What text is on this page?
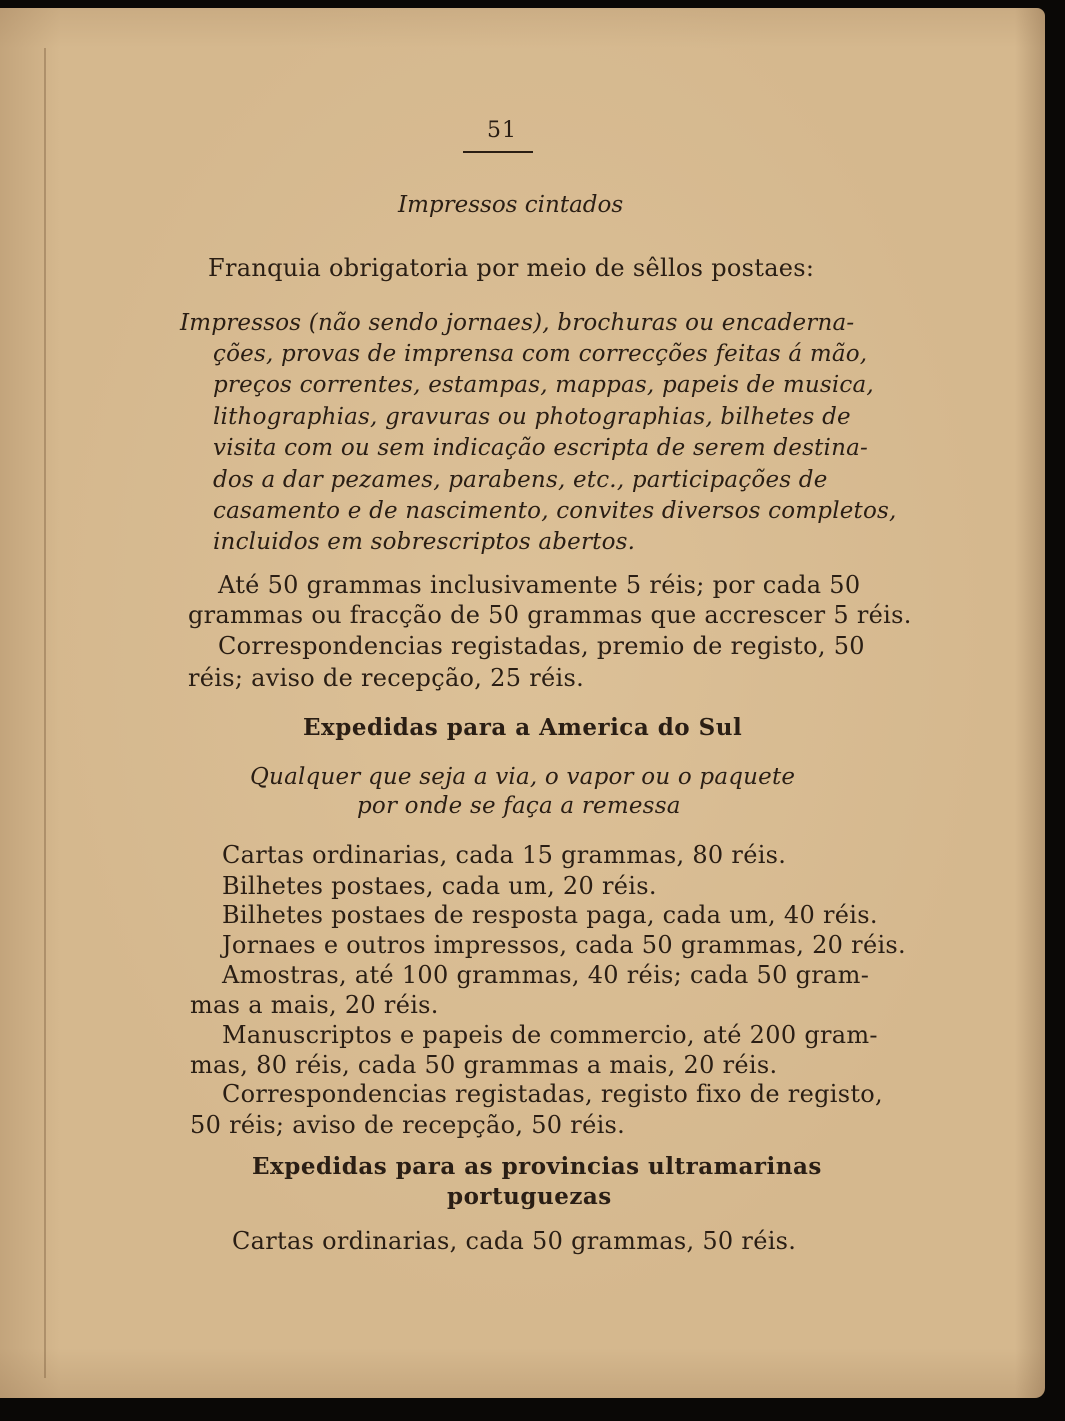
51

Impressos cintados

Franquia obrigatoria por meio de sêllos postaes:

Impressos (não sendo jornaes), brochuras ou encaderna-

ções, provas de imprensa com correcções feitas á mão,

preços correntes, estampas, mappas, papeis de musica,

lithographias, gravuras ou photographias, bilhetes de

visita com ou sem indicação escripta de serem destina-

dos a dar pezames, parabens, etc., participações de

casamento e de nascimento, convites diversos completos,

incluidos em sobrescriptos abertos.

Até 50 grammas inclusivamente 5 réis; por cada 50

grammas ou fracção de 50 grammas que accrescer 5 réis.

Correspondencias registadas, premio de registo, 50

réis; aviso de recepção, 25 réis.

Expedidas para a America do Sul

Qualquer que seja a via, o vapor ou o paquete

por onde se faça a remessa

Cartas ordinarias, cada 15 grammas, 80 réis.

Bilhetes postaes, cada um, 20 réis.

Bilhetes postaes de resposta paga, cada um, 40 réis.

Jornaes e outros impressos, cada 50 grammas, 20 réis.

Amostras, até 100 grammas, 40 réis; cada 50 gram-

mas a mais, 20 réis.

Manuscriptos e papeis de commercio, até 200 gram-

mas, 80 réis, cada 50 grammas a mais, 20 réis.

Correspondencias registadas, registo fixo de registo,

50 réis; aviso de recepção, 50 réis.

Expedidas para as provincias ultramarinas

portuguezas

Cartas ordinarias, cada 50 grammas, 50 réis.
